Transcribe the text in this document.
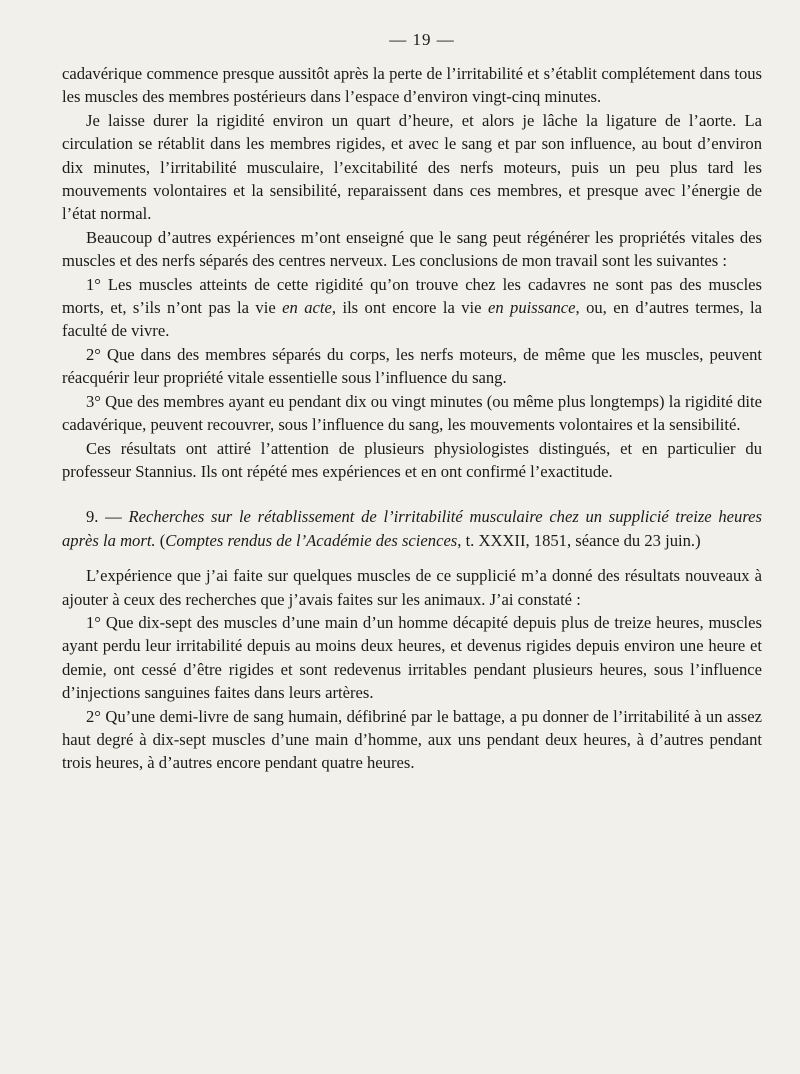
— 19 —

cadavérique commence presque aussitôt après la perte de l’irritabilité et s’établit complétement dans tous les muscles des membres postérieurs dans l’espace d’environ vingt-cinq minutes.

Je laisse durer la rigidité environ un quart d’heure, et alors je lâche la ligature de l’aorte. La circulation se rétablit dans les membres rigides, et avec le sang et par son influence, au bout d’environ dix minutes, l’irritabilité musculaire, l’excitabilité des nerfs moteurs, puis un peu plus tard les mouvements volontaires et la sensibilité, reparaissent dans ces membres, et presque avec l’énergie de l’état normal.

Beaucoup d’autres expériences m’ont enseigné que le sang peut régénérer les propriétés vitales des muscles et des nerfs séparés des centres nerveux. Les conclusions de mon travail sont les suivantes :

1° Les muscles atteints de cette rigidité qu’on trouve chez les cadavres ne sont pas des muscles morts, et, s’ils n’ont pas la vie en acte, ils ont encore la vie en puissance, ou, en d’autres termes, la faculté de vivre.

2° Que dans des membres séparés du corps, les nerfs moteurs, de même que les muscles, peuvent réacquérir leur propriété vitale essentielle sous l’influence du sang.

3° Que des membres ayant eu pendant dix ou vingt minutes (ou même plus longtemps) la rigidité dite cadavérique, peuvent recouvrer, sous l’influence du sang, les mouvements volontaires et la sensibilité.

Ces résultats ont attiré l’attention de plusieurs physiologistes distingués, et en particulier du professeur Stannius. Ils ont répété mes expériences et en ont confirmé l’exactitude.

9. — Recherches sur le rétablissement de l’irritabilité musculaire chez un supplicié treize heures après la mort. (Comptes rendus de l’Académie des sciences, t. XXXII, 1851, séance du 23 juin.)

L’expérience que j’ai faite sur quelques muscles de ce supplicié m’a donné des résultats nouveaux à ajouter à ceux des recherches que j’avais faites sur les animaux. J’ai constaté :

1° Que dix-sept des muscles d’une main d’un homme décapité depuis plus de treize heures, muscles ayant perdu leur irritabilité depuis au moins deux heures, et devenus rigides depuis environ une heure et demie, ont cessé d’être rigides et sont redevenus irritables pendant plusieurs heures, sous l’influence d’injections sanguines faites dans leurs artères.

2° Qu’une demi-livre de sang humain, défibriné par le battage, a pu donner de l’irritabilité à un assez haut degré à dix-sept muscles d’une main d’homme, aux uns pendant deux heures, à d’autres pendant trois heures, à d’autres encore pendant quatre heures.
